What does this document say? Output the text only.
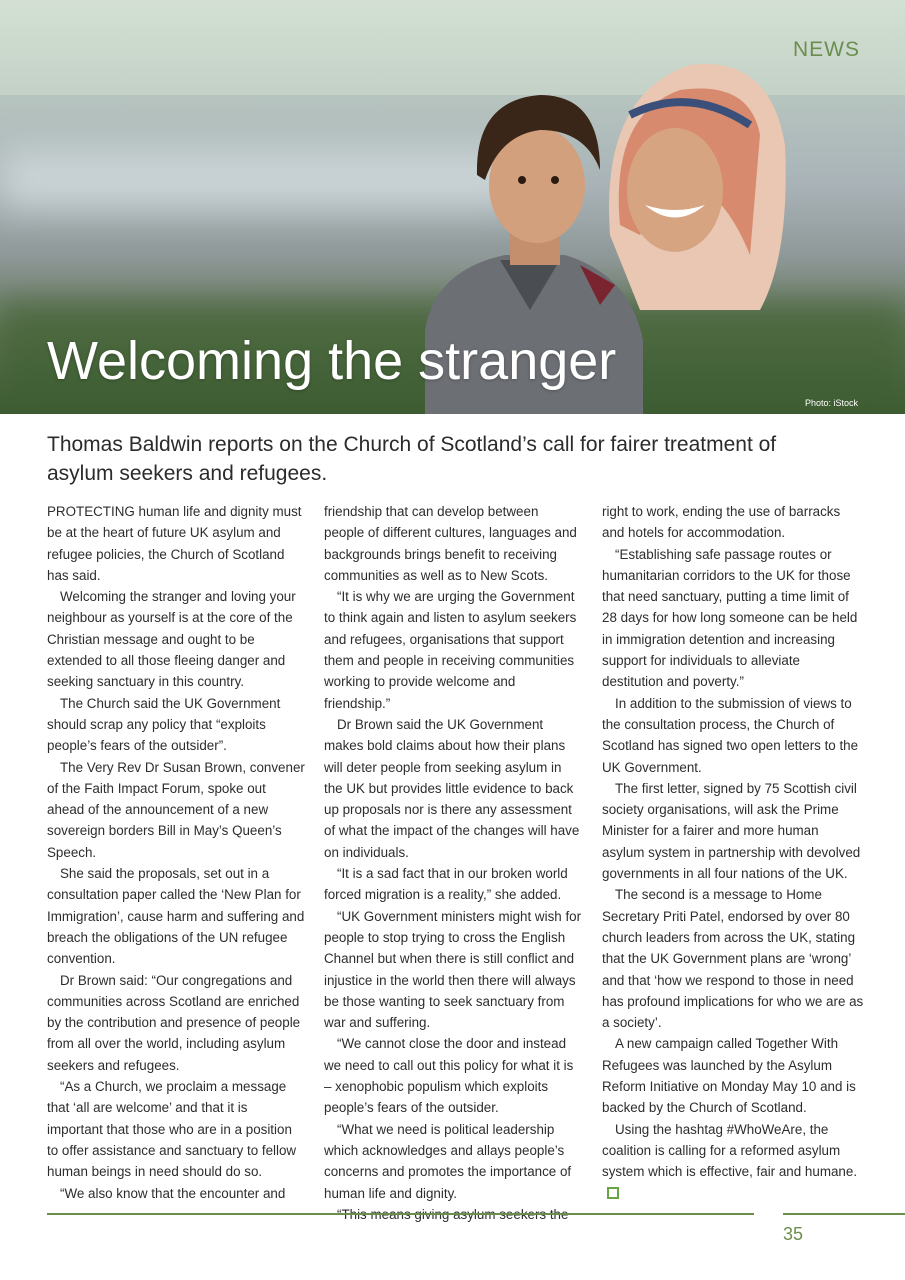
NEWS
Welcoming the stranger
Photo: iStock
Thomas Baldwin reports on the Church of Scotland’s call for fairer treatment of asylum seekers and refugees.

PROTECTING human life and dignity must be at the heart of future UK asylum and refugee policies, the Church of Scotland has said.

Welcoming the stranger and loving your neighbour as yourself is at the core of the Christian message and ought to be extended to all those fleeing danger and seeking sanctuary in this country.

The Church said the UK Government should scrap any policy that “exploits people’s fears of the outsider”.

The Very Rev Dr Susan Brown, convener of the Faith Impact Forum, spoke out ahead of the announcement of a new sovereign borders Bill in May’s Queen’s Speech.

She said the proposals, set out in a consultation paper called the ‘New Plan for Immigration’, cause harm and suffering and breach the obligations of the UN refugee convention.

Dr Brown said: “Our congregations and communities across Scotland are enriched by the contribution and presence of people from all over the world, including asylum seekers and refugees.

“As a Church, we proclaim a message that ‘all are welcome’ and that it is important that those who are in a position to offer assistance and sanctuary to fellow human beings in need should do so.

“We also know that the encounter and

friendship that can develop between people of different cultures, languages and backgrounds brings benefit to receiving communities as well as to New Scots.

“It is why we are urging the Government to think again and listen to asylum seekers and refugees, organisations that support them and people in receiving communities working to provide welcome and friendship.”

Dr Brown said the UK Government makes bold claims about how their plans will deter people from seeking asylum in the UK but provides little evidence to back up proposals nor is there any assessment of what the impact of the changes will have on individuals.

“It is a sad fact that in our broken world forced migration is a reality,” she added.

“UK Government ministers might wish for people to stop trying to cross the English Channel but when there is still conflict and injustice in the world then there will always be those wanting to seek sanctuary from war and suffering.

“We cannot close the door and instead we need to call out this policy for what it is – xenophobic populism which exploits people’s fears of the outsider.

“What we need is political leadership which acknowledges and allays people’s concerns and promotes the importance of human life and dignity.

right to work, ending the use of barracks and hotels for accommodation.

“Establishing safe passage routes or humanitarian corridors to the UK for those that need sanctuary, putting a time limit of 28 days for how long someone can be held in immigration detention and increasing support for individuals to alleviate destitution and poverty.”

In addition to the submission of views to the consultation process, the Church of Scotland has signed two open letters to the UK Government.

The first letter, signed by 75 Scottish civil society organisations, will ask the Prime Minister for a fairer and more human asylum system in partnership with devolved governments in all four nations of the UK.

The second is a message to Home Secretary Priti Patel, endorsed by over 80 church leaders from across the UK, stating that the UK Government plans are ‘wrong’ and that ‘how we respond to those in need has profound implications for who we are as a society’.

A new campaign called Together With Refugees was launched by the Asylum Reform Initiative on Monday May 10 and is backed by the Church of Scotland.

Using the hashtag #WhoWeAre, the coalition is calling for a reformed asylum system which is effective, fair and humane.

35
